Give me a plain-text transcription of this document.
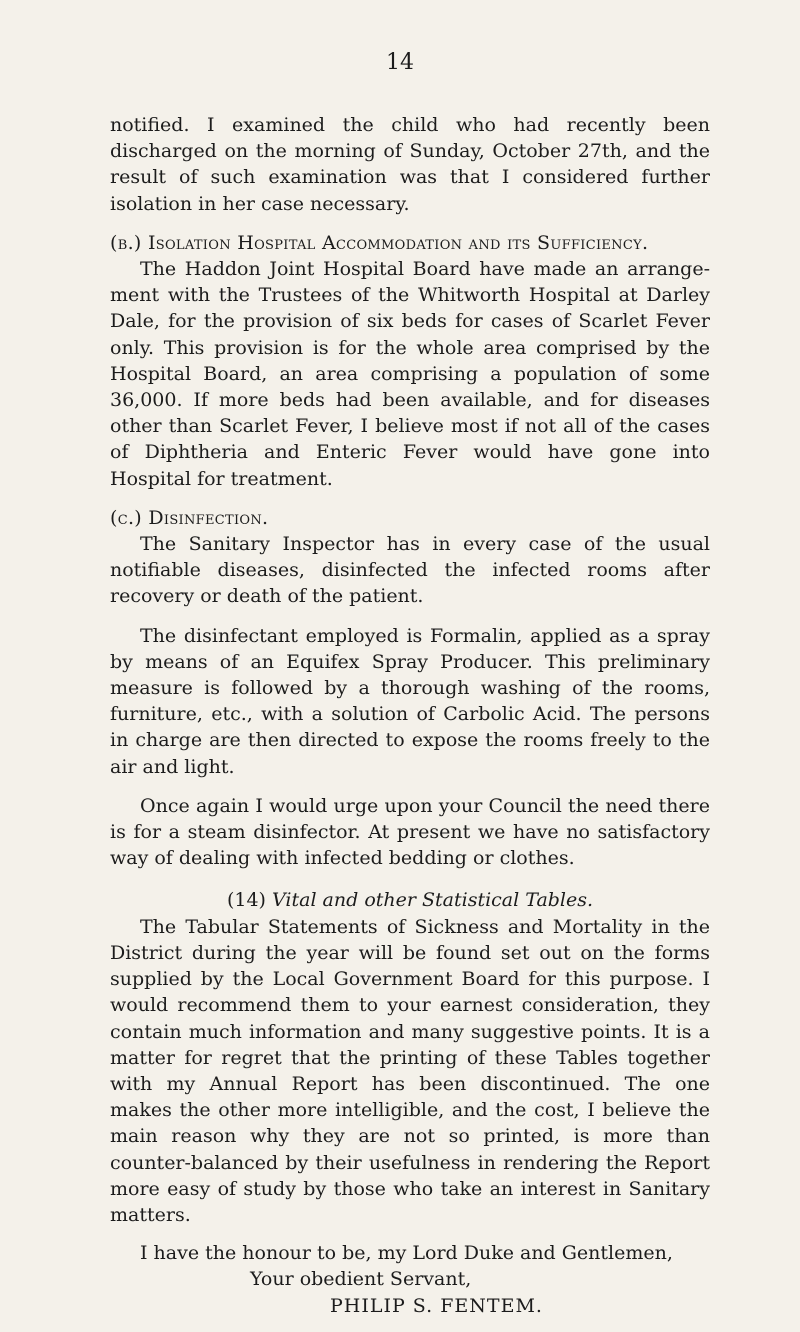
14

notified. I examined the child who had recently been discharged on the morning of Sunday, October 27th, and the result of such examination was that I considered further isolation in her case necessary.

(b.) Isolation Hospital Accommodation and its Sufficiency.

The Haddon Joint Hospital Board have made an arrange- ment with the Trustees of the Whitworth Hospital at Darley Dale, for the provision of six beds for cases of Scarlet Fever only. This provision is for the whole area comprised by the Hospital Board, an area comprising a population of some 36,000. If more beds had been available, and for diseases other than Scarlet Fever, I believe most if not all of the cases of Diphtheria and Enteric Fever would have gone into Hospital for treatment.

(c.) Disinfection.

The Sanitary Inspector has in every case of the usual notifiable diseases, disinfected the infected rooms after recovery or death of the patient.

The disinfectant employed is Formalin, applied as a spray by means of an Equifex Spray Producer. This preliminary measure is followed by a thorough washing of the rooms, furniture, etc., with a solution of Carbolic Acid. The persons in charge are then directed to expose the rooms freely to the air and light.

Once again I would urge upon your Council the need there is for a steam disinfector. At present we have no satisfactory way of dealing with infected bedding or clothes.

(14) Vital and other Statistical Tables.

The Tabular Statements of Sickness and Mortality in the District during the year will be found set out on the forms supplied by the Local Government Board for this purpose. I would recommend them to your earnest consideration, they contain much information and many suggestive points. It is a matter for regret that the printing of these Tables together with my Annual Report has been discontinued. The one makes the other more intelligible, and the cost, I believe the main reason why they are not so printed, is more than counter-balanced by their usefulness in rendering the Report more easy of study by those who take an interest in Sanitary matters.

I have the honour to be, my Lord Duke and Gentlemen,

Your obedient Servant,

PHILIP S. FENTEM.
